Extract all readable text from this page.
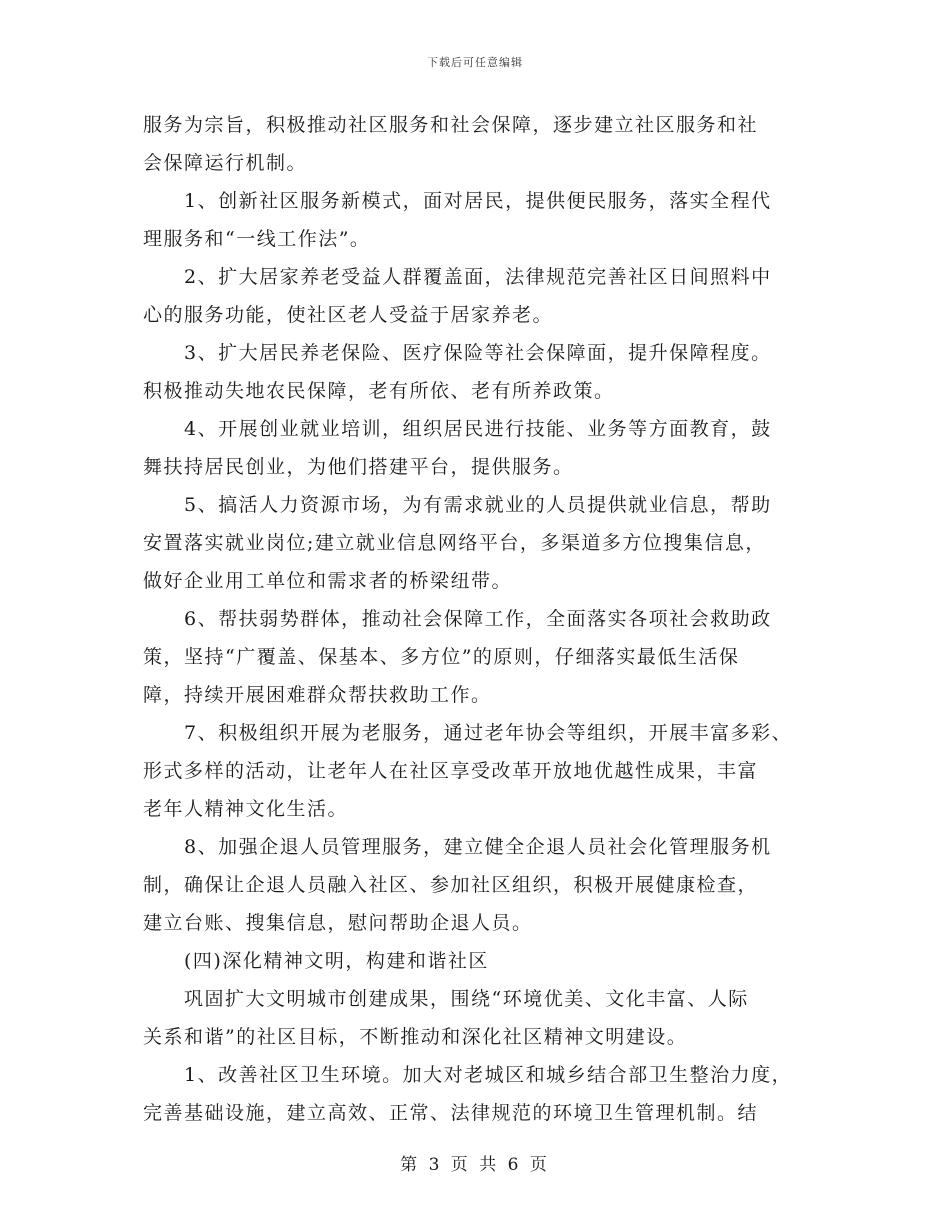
下载后可任意编辑
服务为宗旨，积极推动社区服务和社会保障，逐步建立社区服务和社
会保障运行机制。
1、创新社区服务新模式，面对居民，提供便民服务，落实全程代
理服务和“一线工作法”。
2、扩大居家养老受益人群覆盖面，法律规范完善社区日间照料中
心的服务功能，使社区老人受益于居家养老。
3、扩大居民养老保险、医疗保险等社会保障面，提升保障程度。
积极推动失地农民保障，老有所依、老有所养政策。
4、开展创业就业培训，组织居民进行技能、业务等方面教育，鼓
舞扶持居民创业，为他们搭建平台，提供服务。
5、搞活人力资源市场，为有需求就业的人员提供就业信息，帮助
安置落实就业岗位;建立就业信息网络平台，多渠道多方位搜集信息，
做好企业用工单位和需求者的桥梁纽带。
6、帮扶弱势群体，推动社会保障工作，全面落实各项社会救助政
策，坚持“广覆盖、保基本、多方位”的原则，仔细落实最低生活保
障，持续开展困难群众帮扶救助工作。
7、积极组织开展为老服务，通过老年协会等组织，开展丰富多彩、
形式多样的活动，让老年人在社区享受改革开放地优越性成果，丰富
老年人精神文化生活。
8、加强企退人员管理服务，建立健全企退人员社会化管理服务机
制，确保让企退人员融入社区、参加社区组织，积极开展健康检查，
建立台账、搜集信息，慰问帮助企退人员。
(四)深化精神文明，构建和谐社区
巩固扩大文明城市创建成果，围绕“环境优美、文化丰富、人际
关系和谐”的社区目标，不断推动和深化社区精神文明建设。
1、改善社区卫生环境。加大对老城区和城乡结合部卫生整治力度，
完善基础设施，建立高效、正常、法律规范的环境卫生管理机制。结
第 3 页 共 6 页
